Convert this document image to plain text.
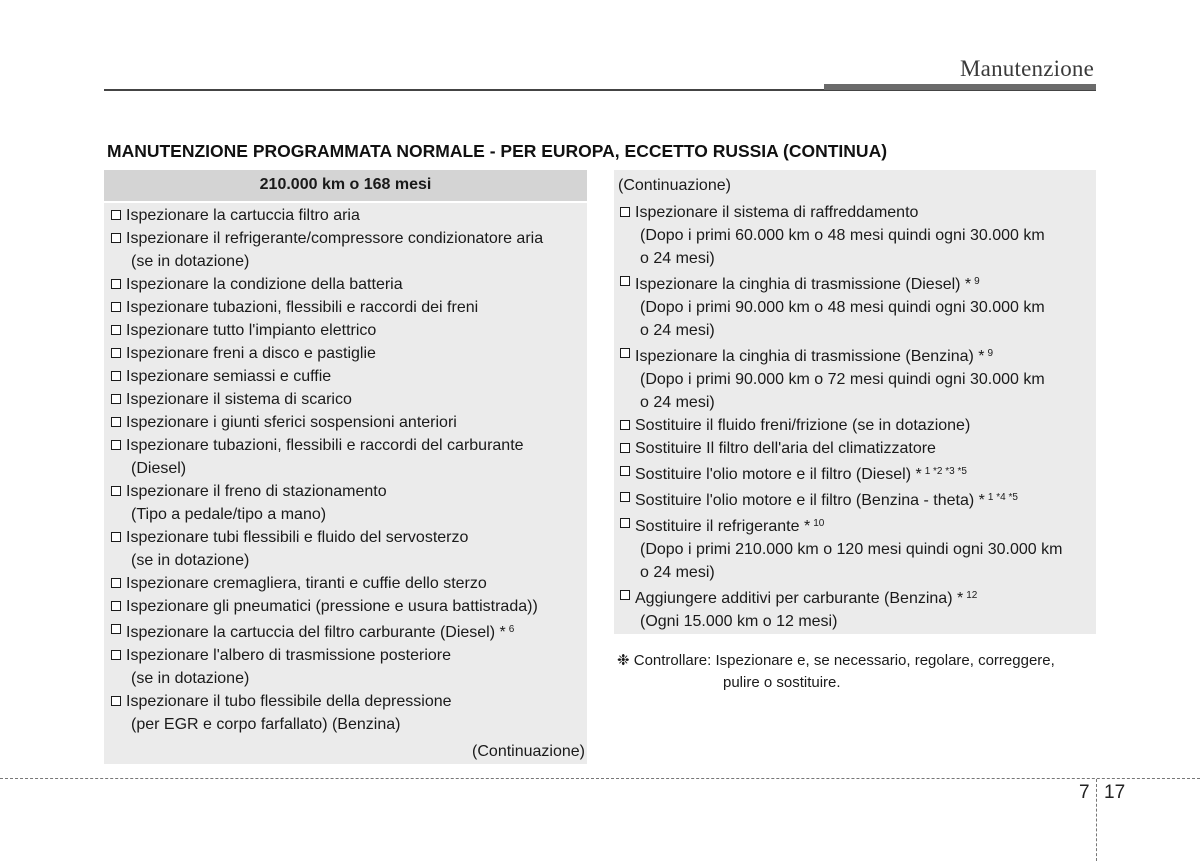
Manutenzione
MANUTENZIONE PROGRAMMATA NORMALE - PER EUROPA, ECCETTO RUSSIA (CONTINUA)
210.000 km o 168 mesi
Ispezionare la cartuccia filtro aria
Ispezionare il refrigerante/compressore condizionatore aria
(se in dotazione)
Ispezionare la condizione della batteria
Ispezionare tubazioni, flessibili e raccordi dei freni
Ispezionare tutto l'impianto elettrico
Ispezionare freni a disco e pastiglie
Ispezionare semiassi e cuffie
Ispezionare il sistema di scarico
Ispezionare i giunti sferici sospensioni anteriori
Ispezionare tubazioni, flessibili e raccordi del carburante
(Diesel)
Ispezionare il freno di stazionamento
(Tipo a pedale/tipo a mano)
Ispezionare tubi flessibili e fluido del servosterzo
(se in dotazione)
Ispezionare cremagliera, tiranti e cuffie dello sterzo
Ispezionare gli pneumatici (pressione e usura battistrada))
Ispezionare la cartuccia del filtro carburante (Diesel) * $^6$
Ispezionare l'albero di trasmissione posteriore
(se in dotazione)
Ispezionare il tubo flessibile della depressione
(per EGR e corpo farfallato) (Benzina)
(Continuazione)
(Continuazione)
Ispezionare il sistema di raffreddamento
(Dopo i primi 60.000 km o 48 mesi quindi ogni 30.000 km
o 24 mesi)
Ispezionare la cinghia di trasmissione (Diesel) * $^9$
(Dopo i primi 90.000 km o 48 mesi quindi ogni 30.000 km
o 24 mesi)
Ispezionare la cinghia di trasmissione (Benzina) * $^9$
(Dopo i primi 90.000 km o 72 mesi quindi ogni 30.000 km
o 24 mesi)
Sostituire il fluido freni/frizione (se in dotazione)
Sostituire Il filtro dell'aria del climatizzatore
Sostituire l'olio motore e il filtro (Diesel) * $^{1 *2 *3 *5}$
Sostituire l'olio motore e il filtro (Benzina - theta) * $^{1 *4 *5}$
Sostituire il refrigerante * $^{10}$
(Dopo i primi 210.000 km o 120 mesi quindi ogni 30.000 km
o 24 mesi)
Aggiungere additivi per carburante (Benzina) * $^{12}$
(Ogni 15.000 km o 12 mesi)
❉ Controllare: Ispezionare e, se necessario, regolare, correggere,
pulire o sostituire.
7 17
